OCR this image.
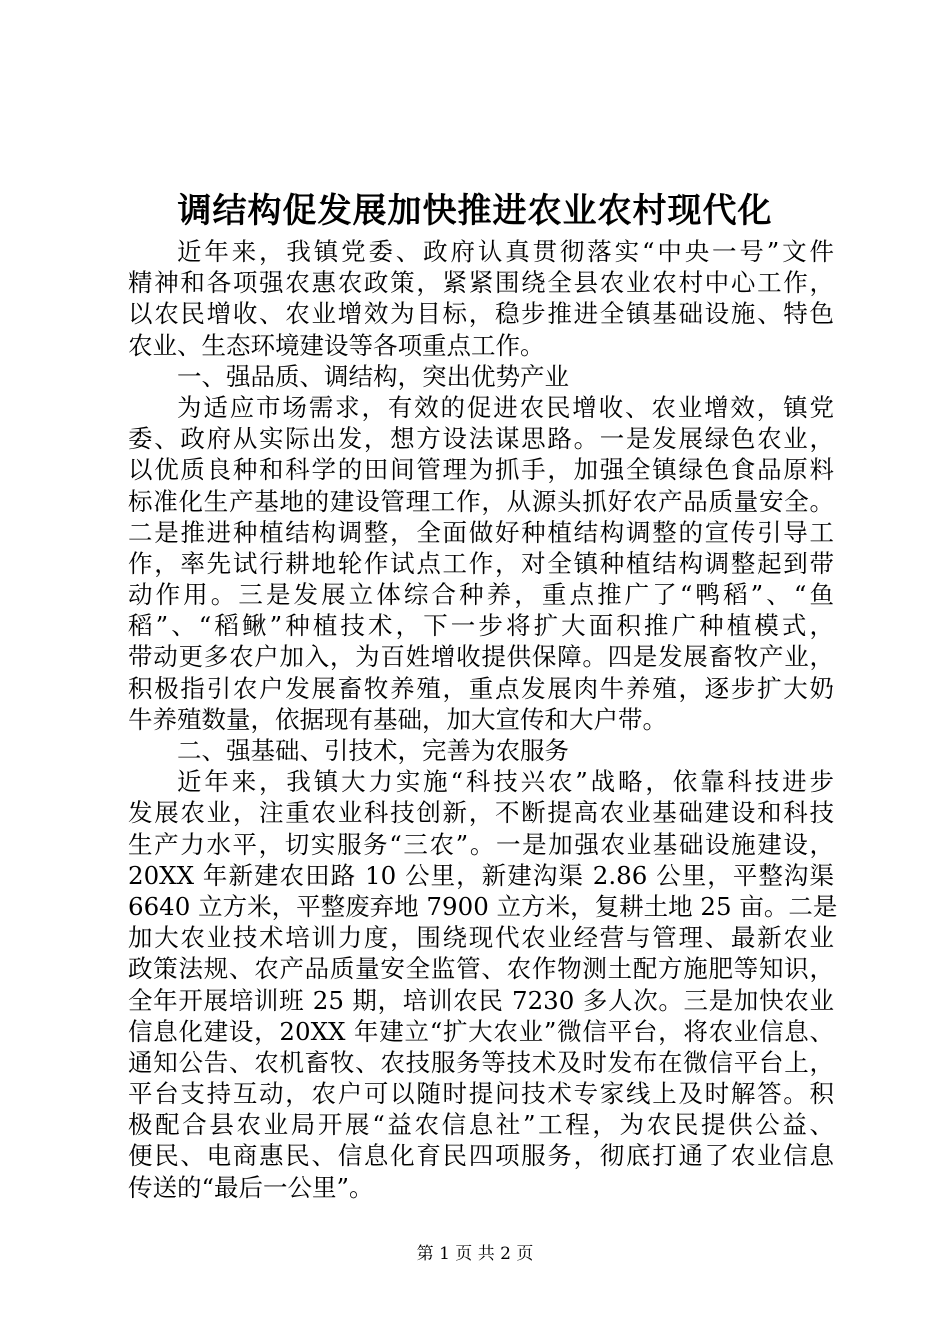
调结构促发展加快推进农业农村现代化
近年来，我镇党委、政府认真贯彻落实“中央一号”文件
精神和各项强农惠农政策，紧紧围绕全县农业农村中心工作，
以农民增收、农业增效为目标，稳步推进全镇基础设施、特色
农业、生态环境建设等各项重点工作。
一、强品质、调结构，突出优势产业
为适应市场需求，有效的促进农民增收、农业增效，镇党
委、政府从实际出发，想方设法谋思路。一是发展绿色农业，
以优质良种和科学的田间管理为抓手，加强全镇绿色食品原料
标准化生产基地的建设管理工作，从源头抓好农产品质量安全。
二是推进种植结构调整，全面做好种植结构调整的宣传引导工
作，率先试行耕地轮作试点工作，对全镇种植结构调整起到带
动作用。三是发展立体综合种养，重点推广了“鸭稻”、“鱼
稻”、“稻鳅”种植技术，下一步将扩大面积推广种植模式，
带动更多农户加入，为百姓增收提供保障。四是发展畜牧产业，
积极指引农户发展畜牧养殖，重点发展肉牛养殖，逐步扩大奶
牛养殖数量，依据现有基础，加大宣传和大户带。
二、强基础、引技术，完善为农服务
近年来，我镇大力实施“科技兴农”战略，依靠科技进步
发展农业，注重农业科技创新，不断提高农业基础建设和科技
生产力水平，切实服务“三农”。一是加强农业基础设施建设，
20XX 年新建农田路 10 公里，新建沟渠 2.86 公里，平整沟渠
6640 立方米，平整废弃地 7900 立方米，复耕土地 25 亩。二是
加大农业技术培训力度，围绕现代农业经营与管理、最新农业
政策法规、农产品质量安全监管、农作物测土配方施肥等知识，
全年开展培训班 25 期，培训农民 7230 多人次。三是加快农业
信息化建设，20XX 年建立“扩大农业”微信平台，将农业信息、
通知公告、农机畜牧、农技服务等技术及时发布在微信平台上，
平台支持互动，农户可以随时提问技术专家线上及时解答。积
极配合县农业局开展“益农信息社”工程，为农民提供公益、
便民、电商惠民、信息化育民四项服务，彻底打通了农业信息
传送的“最后一公里”。
第 1 页 共 2 页
